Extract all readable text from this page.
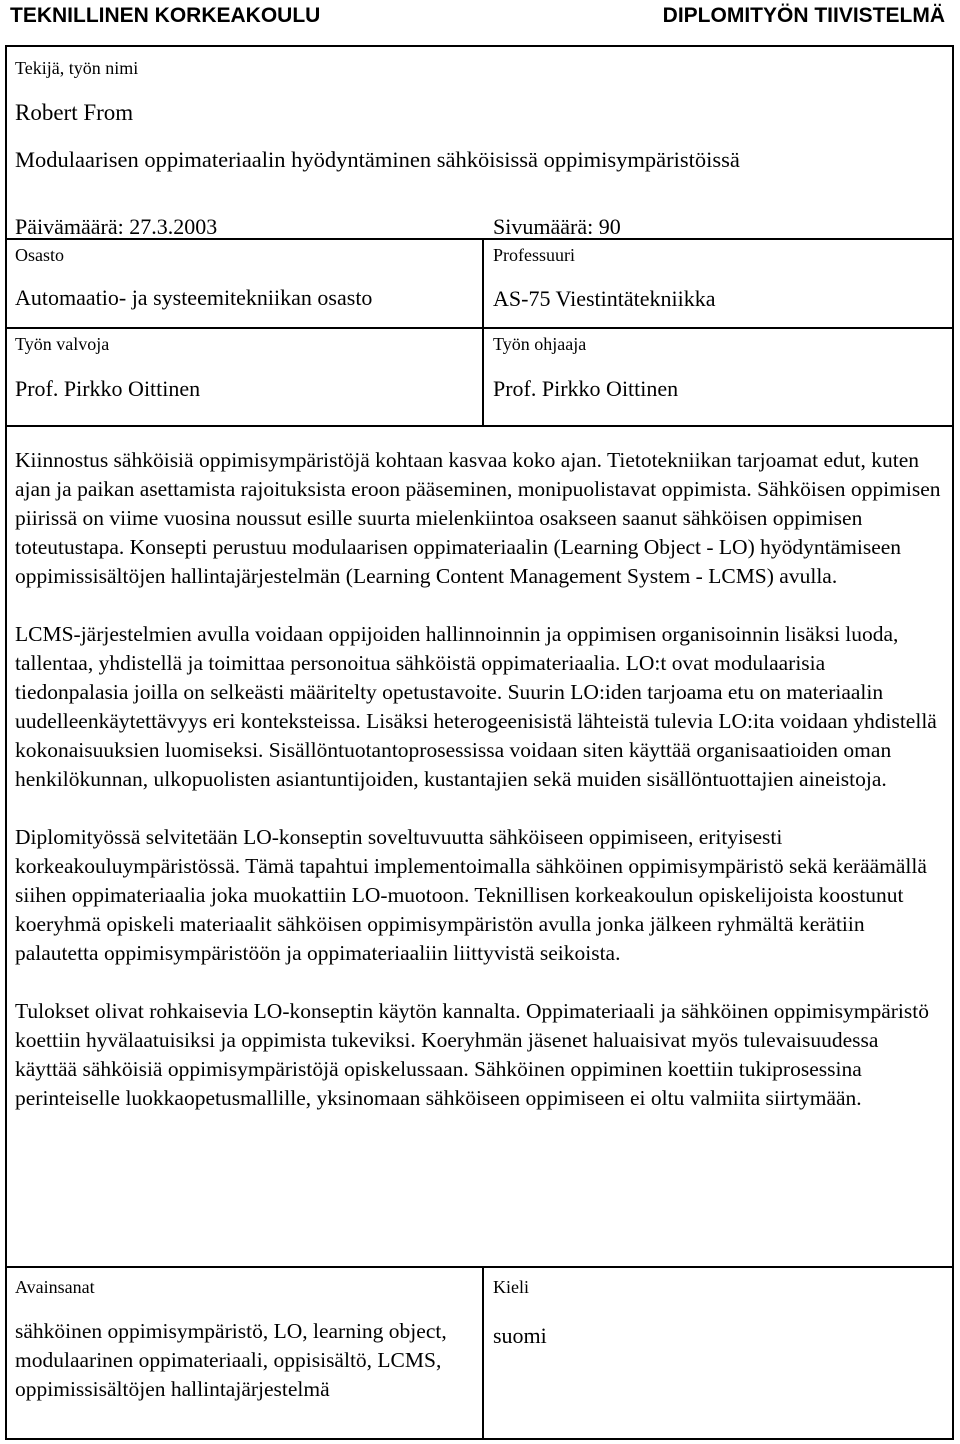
TEKNILLINEN KORKEAKOULU	DIPLOMITYÖN TIIVISTELMÄ
Tekijä, työn nimi
Robert From
Modulaarisen oppimateriaalin hyödyntäminen sähköisissä oppimisympäristöissä
Päivämäärä: 27.3.2003	Sivumäärä: 90
Osasto
Automaatio- ja systeemitekniikan osasto
Professuuri
AS-75 Viestintätekniikka
Työn valvoja
Prof. Pirkko Oittinen
Työn ohjaaja
Prof. Pirkko Oittinen

Kiinnostus sähköisiä oppimisympäristöjä kohtaan kasvaa koko ajan. Tietotekniikan tarjoamat edut, kuten ajan ja paikan asettamista rajoituksista eroon pääseminen, monipuolistavat oppimista. Sähköisen oppimisen piirissä on viime vuosina noussut esille suurta mielenkiintoa osakseen saanut sähköisen oppimisen toteutustapa. Konsepti perustuu modulaarisen oppimateriaalin (Learning Object - LO) hyödyntämiseen oppimissisältöjen hallintajärjestelmän (Learning Content Management System - LCMS) avulla.

LCMS-järjestelmien avulla voidaan oppijoiden hallinnoinnin ja oppimisen organisoinnin lisäksi luoda, tallentaa, yhdistellä ja toimittaa personoitua sähköistä oppimateriaalia. LO:t ovat modulaarisia tiedonpalasia joilla on selkeästi määritelty opetustavoite. Suurin LO:iden tarjoama etu on materiaalin uudelleenkäytettävyys eri konteksteissa. Lisäksi heterogeenisistä lähteistä tulevia LO:ita voidaan yhdistellä kokonaisuuksien luomiseksi. Sisällöntuotantoprosessissa voidaan siten käyttää organisaatioiden oman henkilökunnan, ulkopuolisten asiantuntijoiden, kustantajien sekä muiden sisällöntuottajien aineistoja.

Diplomityössä selvitetään LO-konseptin soveltuvuutta sähköiseen oppimiseen, erityisesti korkeakouluympäristössä. Tämä tapahtui implementoimalla sähköinen oppimisympäristö sekä keräämällä siihen oppimateriaalia joka muokattiin LO-muotoon. Teknillisen korkeakoulun opiskelijoista koostunut koeryhmä opiskeli materiaalit sähköisen oppimisympäristön avulla jonka jälkeen ryhmältä kerätiin palautetta oppimisympäristöön ja oppimateriaaliin liittyvistä seikoista.

Tulokset olivat rohkaisevia LO-konseptin käytön kannalta. Oppimateriaali ja sähköinen oppimisympäristö koettiin hyvälaatuisiksi ja oppimista tukeviksi. Koeryhmän jäsenet haluaisivat myös tulevaisuudessa käyttää sähköisiä oppimisympäristöjä opiskelussaan. Sähköinen oppiminen koettiin tukiprosessina perinteiselle luokkaopetusmallille, yksinomaan sähköiseen oppimiseen ei oltu valmiita siirtymään.

Avainsanat
sähköinen oppimisympäristö, LO, learning object, modulaarinen oppimateriaali, oppisisältö, LCMS, oppimissisältöjen hallintajärjestelmä
Kieli
suomi
